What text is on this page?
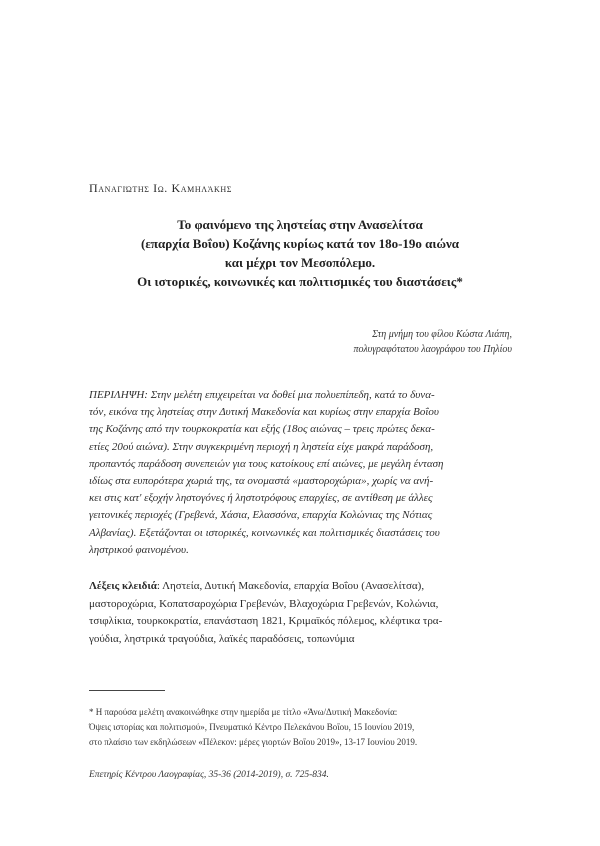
Παναγιώτης Ιω. Καμηλάκης
Το φαινόμενο της ληστείας στην Ανασελίτσα
(επαρχία Βοΐου) Κοζάνης κυρίως κατά τον 18ο-19ο αιώνα
και μέχρι τον Μεσοπόλεμο.
Οι ιστορικές, κοινωνικές και πολιτισμικές του διαστάσεις*
Στη μνήμη του φίλου Κώστα Λιάπη,
πολυγραφότατου λαογράφου του Πηλίου
ΠΕΡΙΛΗΨΗ: Στην μελέτη επιχειρείται να δοθεί μια πολυεπίπεδη, κατά το δυνα-
τόν, εικόνα της ληστείας στην Δυτική Μακεδονία και κυρίως στην επαρχία Βοΐου
της Κοζάνης από την τουρκοκρατία και εξής (18ος αιώνας – τρεις πρώτες δεκα-
ετίες 20ού αιώνα). Στην συγκεκριμένη περιοχή η ληστεία είχε μακρά παράδοση,
προπαντός παράδοση συνεπειών για τους κατοίκους επί αιώνες, με μεγάλη ένταση
ιδίως στα ευπορότερα χωριά της, τα ονομαστά «μαστοροχώρια», χωρίς να ανή-
κει στις κατ' εξοχήν ληστογόνες ή ληστοτρόφους επαρχίες, σε αντίθεση με άλλες
γειτονικές περιοχές (Γρεβενά, Χάσια, Ελασσόνα, επαρχία Κολώνιας της Νότιας
Αλβανίας). Εξετάζονται οι ιστορικές, κοινωνικές και πολιτισμικές διαστάσεις του
ληστρικού φαινομένου.
Λέξεις κλειδιά: Ληστεία, Δυτική Μακεδονία, επαρχία Βοΐου (Ανασελίτσα),
μαστοροχώρια, Κοπατσαροχώρια Γρεβενών, Βλαχοχώρια Γρεβενών, Κολώνια,
τσιφλίκια, τουρκοκρατία, επανάσταση 1821, Κριμαϊκός πόλεμος, κλέφτικα τρα-
γούδια, ληστρικά τραγούδια, λαϊκές παραδόσεις, τοπωνύμια
* Η παρούσα μελέτη ανακοινώθηκε στην ημερίδα με τίτλο «Άνω/Δυτική Μακεδονία:
Όψεις ιστορίας και πολιτισμού», Πνευματικό Κέντρο Πελεκάνου Βοΐου, 15 Ιουνίου 2019,
στο πλαίσιο των εκδηλώσεων «Πέλεκον: μέρες γιορτών Βοΐου 2019», 13-17 Ιουνίου 2019.
Επετηρίς Κέντρου Λαογραφίας, 35-36 (2014-2019), σ. 725-834.
